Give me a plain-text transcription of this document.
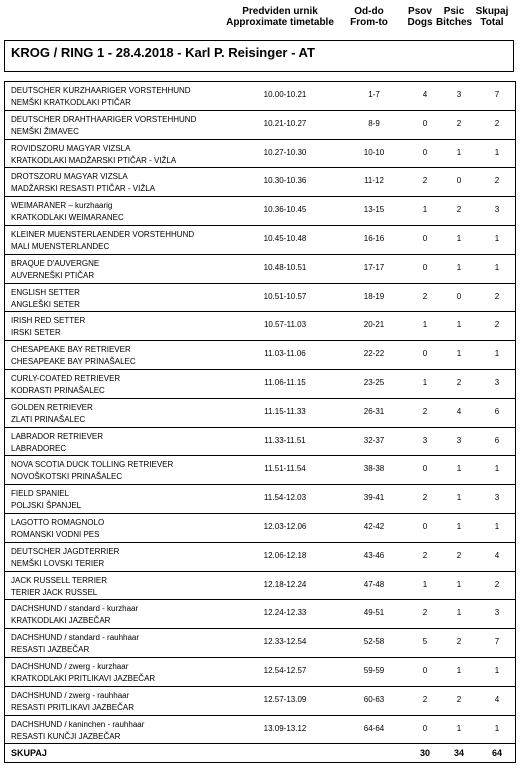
Predviden urnik
Approximate timetable
Od-do
From-to
Psov
Dogs
Psic
Bitches
Skupaj
Total
KROG / RING 1 - 28.4.2018 - Karl P. Reisinger - AT
DEUTSCHER KURZHAARIGER VORSTEHHUND
NEMŠKI KRATKODLAKI PTIČAR
10.00-10.21	1-7	4	3	7
DEUTSCHER DRAHTHAARIGER VORSTEHHUND
NEMŠKI ŽIMAVEC
10.21-10.27	8-9	0	2	2
ROVIDSZORU MAGYAR VIZSLA
KRATKODLAKI MADŽARSKI PTIČAR - VIŽLA
10.27-10.30	10-10	0	1	1
DROTSZORU MAGYAR VIZSLA
MADŽARSKI RESASTI PTIČAR - VIŽLA
10.30-10.36	11-12	2	0	2
WEIMARANER – kurzhaarig
KRATKODLAKI WEIMARANEC
10.36-10.45	13-15	1	2	3
KLEINER MUENSTERLAENDER VORSTEHHUND
MALI MUENSTERLANDEC
10.45-10.48	16-16	0	1	1
BRAQUE D'AUVERGNE
AUVERNEŠKI PTIČAR
10.48-10.51	17-17	0	1	1
ENGLISH SETTER
ANGLEŠKI SETER
10.51-10.57	18-19	2	0	2
IRISH RED SETTER
IRSKI SETER
10.57-11.03	20-21	1	1	2
CHESAPEAKE BAY RETRIEVER
CHESAPEAKE BAY PRINAŠALEC
11.03-11.06	22-22	0	1	1
CURLY-COATED RETRIEVER
KODRASTI PRINAŠALEC
11.06-11.15	23-25	1	2	3
GOLDEN RETRIEVER
ZLATI PRINAŠALEC
11.15-11.33	26-31	2	4	6
LABRADOR RETRIEVER
LABRADOREC
11.33-11.51	32-37	3	3	6
NOVA SCOTIA DUCK TOLLING RETRIEVER
NOVOŠKOTSKI PRINAŠALEC
11.51-11.54	38-38	0	1	1
FIELD SPANIEL
POLJSKI ŠPANJEL
11.54-12.03	39-41	2	1	3
LAGOTTO ROMAGNOLO
ROMANSKI VODNI PES
12.03-12.06	42-42	0	1	1
DEUTSCHER JAGDTERRIER
NEMŠKI LOVSKI TERIER
12.06-12.18	43-46	2	2	4
JACK RUSSELL TERRIER
TERIER JACK RUSSEL
12.18-12.24	47-48	1	1	2
DACHSHUND / standard - kurzhaar
KRATKODLAKI JAZBEČAR
12.24-12.33	49-51	2	1	3
DACHSHUND / standard - rauhhaar
RESASTI JAZBEČAR
12.33-12.54	52-58	5	2	7
DACHSHUND / zwerg - kurzhaar
KRATKODLAKI PRITLIKAVI JAZBEČAR
12.54-12.57	59-59	0	1	1
DACHSHUND / zwerg - rauhhaar
RESASTI PRITLIKAVI JAZBEČAR
12.57-13.09	60-63	2	2	4
DACHSHUND / kaninchen - rauhhaar
RESASTI KUNČJI JAZBEČAR
13.09-13.12	64-64	0	1	1
SKUPAJ	30	34	64
